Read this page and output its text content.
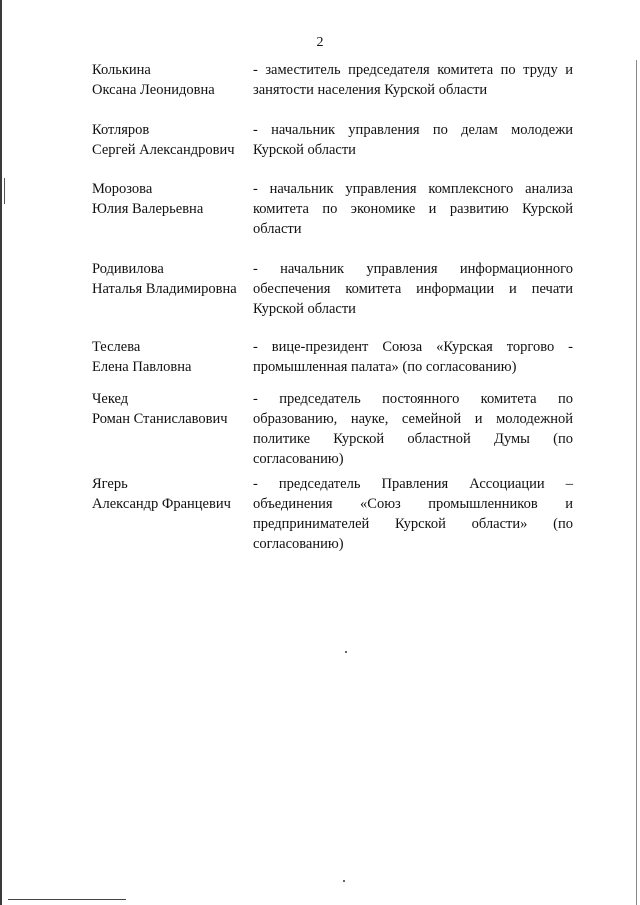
2
Колькина
Оксана Леонидовна
- заместитель председателя комитета по труду и занятости населения Курской области
Котляров
Сергей Александрович
- начальник управления по делам молодежи Курской области
Морозова
Юлия Валерьевна
- начальник управления комплексного анализа комитета по экономике и развитию Курской области
Родивилова
Наталья Владимировна
- начальник управления информационного обеспечения комитета информации и печати Курской области
Теслева
Елена Павловна
- вице-президент Союза «Курская торгово - промышленная палата» (по согласованию)
Чекед
Роман Станиславович
- председатель постоянного комитета по образованию, науке, семейной и молодежной политике Курской областной Думы (по согласованию)
Ягерь
Александр Францевич
- председатель Правления Ассоциации – объединения «Союз промышленников и предпринимателей Курской области» (по согласованию)
